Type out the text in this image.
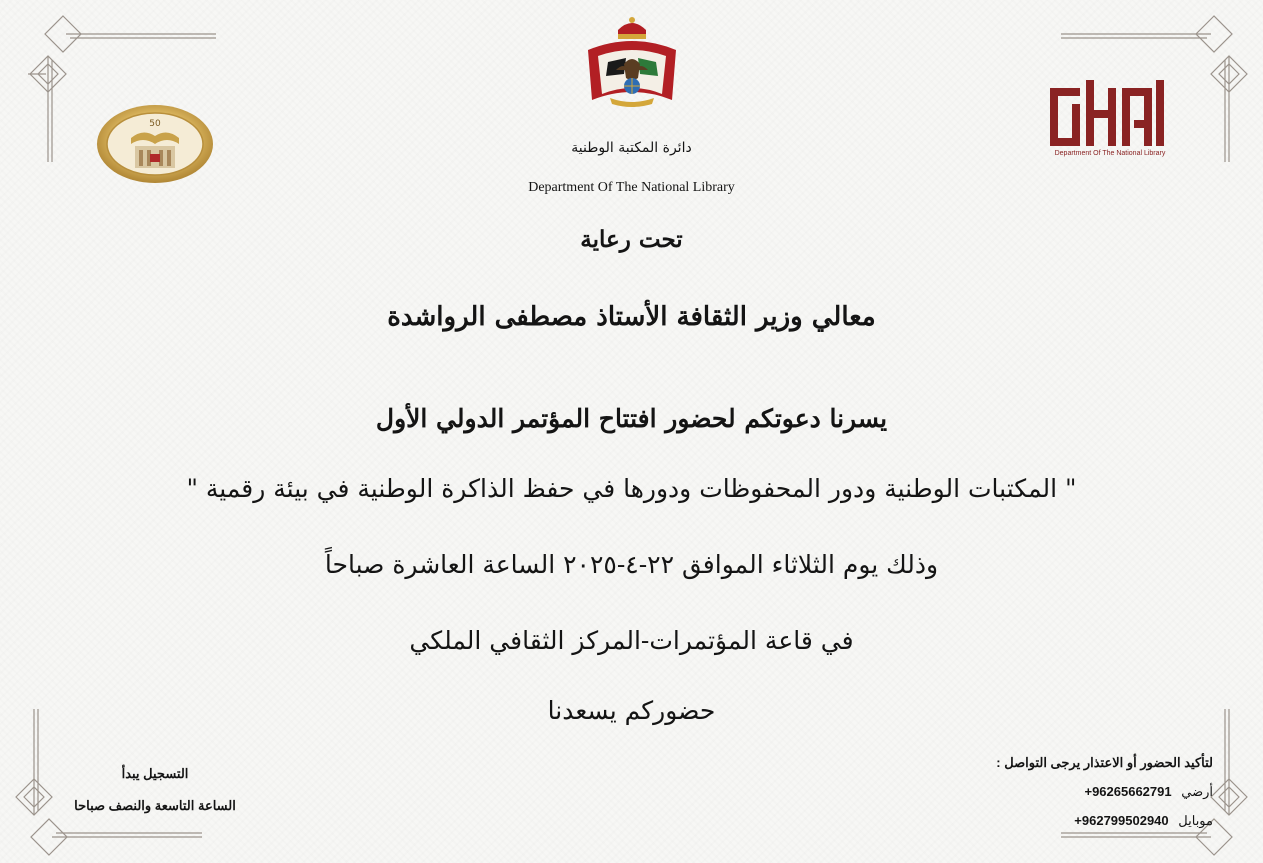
50
Department Of The National Library
دائرة المكتبة الوطنية
Department Of The National Library
تحت رعاية
معالي وزير الثقافة الأستاذ مصطفى الرواشدة
يسرنا دعوتكم لحضور افتتاح المؤتمر الدولي الأول
" المكتبات الوطنية ودور المحفوظات ودورها في حفظ الذاكرة الوطنية في بيئة رقمية "
وذلك يوم الثلاثاء الموافق ٢٢-٤-٢٠٢٥ الساعة العاشرة صباحاً
في قاعة المؤتمرات-المركز الثقافي الملكي
حضوركم يسعدنا
التسجيل يبدأ
الساعة التاسعة والنصف صباحا
لتأكيد الحضور أو الاعتذار يرجى التواصل :
أرضي +96265662791
موبايل +962799502940
